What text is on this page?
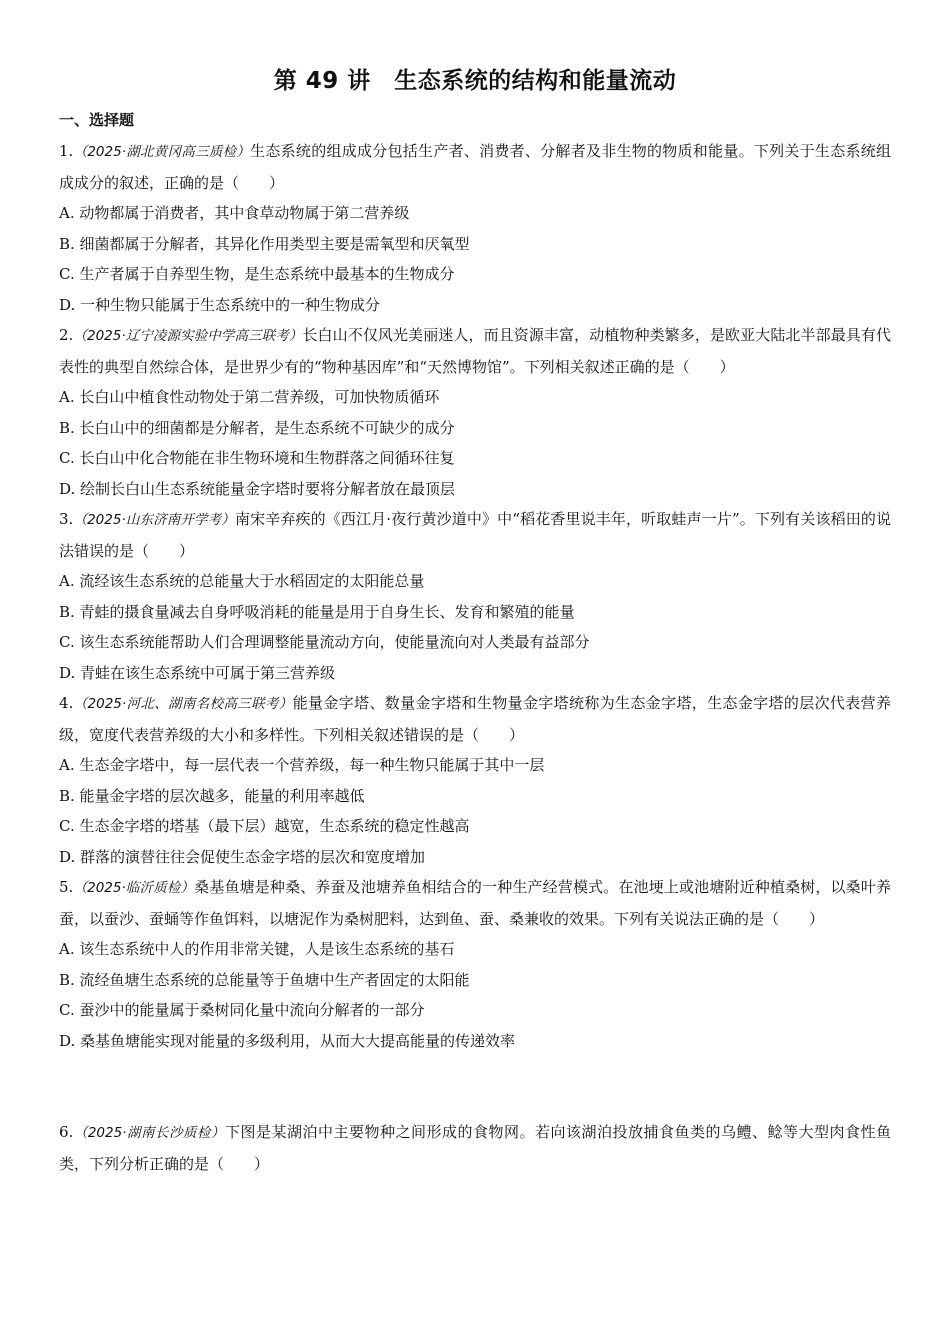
第 49 讲　生态系统的结构和能量流动
一、选择题

1.（2025·湖北黄冈高三质检）生态系统的组成成分包括生产者、消费者、分解者及非生物的物质和能量。下列关于生态系统组成成分的叙述，正确的是（　　）

A. 动物都属于消费者，其中食草动物属于第二营养级

B. 细菌都属于分解者，其异化作用类型主要是需氧型和厌氧型

C. 生产者属于自养型生物，是生态系统中最基本的生物成分

D. 一种生物只能属于生态系统中的一种生物成分

2.（2025·辽宁凌源实验中学高三联考）长白山不仅风光美丽迷人，而且资源丰富，动植物种类繁多，是欧亚大陆北半部最具有代表性的典型自然综合体，是世界少有的“物种基因库”和“天然博物馆”。下列相关叙述正确的是（　　）

A. 长白山中植食性动物处于第二营养级，可加快物质循环

B. 长白山中的细菌都是分解者，是生态系统不可缺少的成分

C. 长白山中化合物能在非生物环境和生物群落之间循环往复

D. 绘制长白山生态系统能量金字塔时要将分解者放在最顶层

3.（2025·山东济南开学考）南宋辛弃疾的《西江月·夜行黄沙道中》中“稻花香里说丰年，听取蛙声一片”。下列有关该稻田的说法错误的是（　　）

A. 流经该生态系统的总能量大于水稻固定的太阳能总量

B. 青蛙的摄食量减去自身呼吸消耗的能量是用于自身生长、发育和繁殖的能量

C. 该生态系统能帮助人们合理调整能量流动方向，使能量流向对人类最有益部分

D. 青蛙在该生态系统中可属于第三营养级

4.（2025·河北、湖南名校高三联考）能量金字塔、数量金字塔和生物量金字塔统称为生态金字塔，生态金字塔的层次代表营养级，宽度代表营养级的大小和多样性。下列相关叙述错误的是（　　）

A. 生态金字塔中，每一层代表一个营养级，每一种生物只能属于其中一层

B. 能量金字塔的层次越多，能量的利用率越低

C. 生态金字塔的塔基（最下层）越宽，生态系统的稳定性越高

D. 群落的演替往往会促使生态金字塔的层次和宽度增加

5.（2025·临沂质检）桑基鱼塘是种桑、养蚕及池塘养鱼相结合的一种生产经营模式。在池埂上或池塘附近种植桑树，以桑叶养蚕，以蚕沙、蚕蛹等作鱼饵料，以塘泥作为桑树肥料，达到鱼、蚕、桑兼收的效果。下列有关说法正确的是（　　）

A. 该生态系统中人的作用非常关键，人是该生态系统的基石

B. 流经鱼塘生态系统的总能量等于鱼塘中生产者固定的太阳能

C. 蚕沙中的能量属于桑树同化量中流向分解者的一部分

D. 桑基鱼塘能实现对能量的多级利用，从而大大提高能量的传递效率

6.（2025·湖南长沙质检）下图是某湖泊中主要物种之间形成的食物网。若向该湖泊投放捕食鱼类的乌鳢、鲶等大型肉食性鱼类，下列分析正确的是（　　）
